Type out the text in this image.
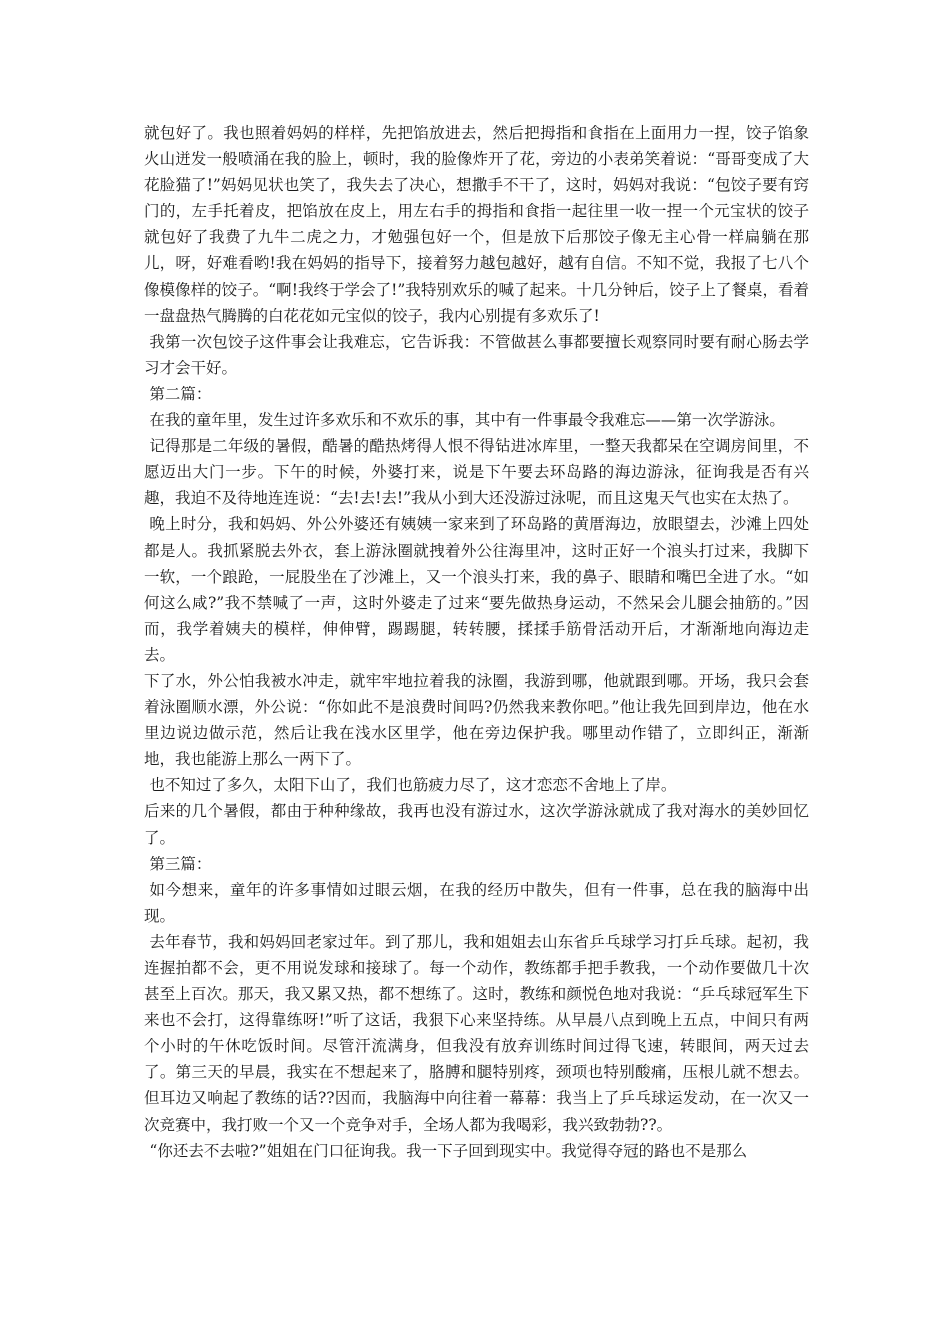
就包好了。我也照着妈妈的样样，先把馅放进去，然后把拇指和食指在上面用力一捏，饺子馅象火山迸发一般喷涌在我的脸上，顿时，我的脸像炸开了花，旁边的小表弟笑着说：“哥哥变成了大花脸猫了!”妈妈见状也笑了，我失去了决心，想撒手不干了，这时，妈妈对我说：“包饺子要有窍门的，左手托着皮，把馅放在皮上，用左右手的拇指和食指一起往里一收一捏一个元宝状的饺子就包好了我费了九牛二虎之力，才勉强包好一个，但是放下后那饺子像无主心骨一样扁躺在那儿，呀，好难看哟!我在妈妈的指导下，接着努力越包越好，越有自信。不知不觉，我报了七八个像模像样的饺子。“啊!我终于学会了!”我特别欢乐的喊了起来。十几分钟后，饺子上了餐桌，看着一盘盘热气腾腾的白花花如元宝似的饺子，我内心别提有多欢乐了!

我第一次包饺子这件事会让我难忘，它告诉我：不管做甚么事都要擅长观察同时要有耐心肠去学习才会干好。

第二篇：

在我的童年里，发生过许多欢乐和不欢乐的事，其中有一件事最令我难忘——第一次学游泳。

记得那是二年级的暑假，酷暑的酷热烤得人恨不得钻进冰库里，一整天我都呆在空调房间里，不愿迈出大门一步。下午的时候，外婆打来，说是下午要去环岛路的海边游泳，征询我是否有兴趣，我迫不及待地连连说：“去!去!去!”我从小到大还没游过泳呢，而且这鬼天气也实在太热了。

晚上时分，我和妈妈、外公外婆还有姨姨一家来到了环岛路的黄厝海边，放眼望去，沙滩上四处都是人。我抓紧脱去外衣，套上游泳圈就拽着外公往海里冲，这时正好一个浪头打过来，我脚下一软，一个踉跄，一屁股坐在了沙滩上，又一个浪头打来，我的鼻子、眼睛和嘴巴全进了水。“如何这么咸?”我不禁喊了一声，这时外婆走了过来“要先做热身运动，不然呆会儿腿会抽筋的。”因而，我学着姨夫的模样，伸伸臂，踢踢腿，转转腰，揉揉手筋骨活动开后，才渐渐地向海边走去。

下了水，外公怕我被水冲走，就牢牢地拉着我的泳圈，我游到哪，他就跟到哪。开场，我只会套着泳圈顺水漂，外公说：“你如此不是浪费时间吗?仍然我来教你吧。”他让我先回到岸边，他在水里边说边做示范，然后让我在浅水区里学，他在旁边保护我。哪里动作错了，立即纠正，渐渐地，我也能游上那么一两下了。

也不知过了多久，太阳下山了，我们也筋疲力尽了，这才恋恋不舍地上了岸。

后来的几个暑假，都由于种种缘故，我再也没有游过水，这次学游泳就成了我对海水的美妙回忆了。

第三篇：

如今想来，童年的许多事情如过眼云烟，在我的经历中散失，但有一件事，总在我的脑海中出现。

去年春节，我和妈妈回老家过年。到了那儿，我和姐姐去山东省乒乓球学习打乒乓球。起初，我连握拍都不会，更不用说发球和接球了。每一个动作，教练都手把手教我，一个动作要做几十次甚至上百次。那天，我又累又热，都不想练了。这时，教练和颜悦色地对我说：“乒乓球冠军生下来也不会打，这得靠练呀!”听了这话，我狠下心来坚持练。从早晨八点到晚上五点，中间只有两个小时的午休吃饭时间。尽管汗流满身，但我没有放弃训练时间过得飞速，转眼间，两天过去了。第三天的早晨，我实在不想起来了，胳膊和腿特别疼，颈项也特别酸痛，压根儿就不想去。但耳边又响起了教练的话??因而，我脑海中向往着一幕幕：我当上了乒乓球运发动，在一次又一次竞赛中，我打败一个又一个竞争对手，全场人都为我喝彩，我兴致勃勃??。

“你还去不去啦?”姐姐在门口征询我。我一下子回到现实中。我觉得夺冠的路也不是那么
